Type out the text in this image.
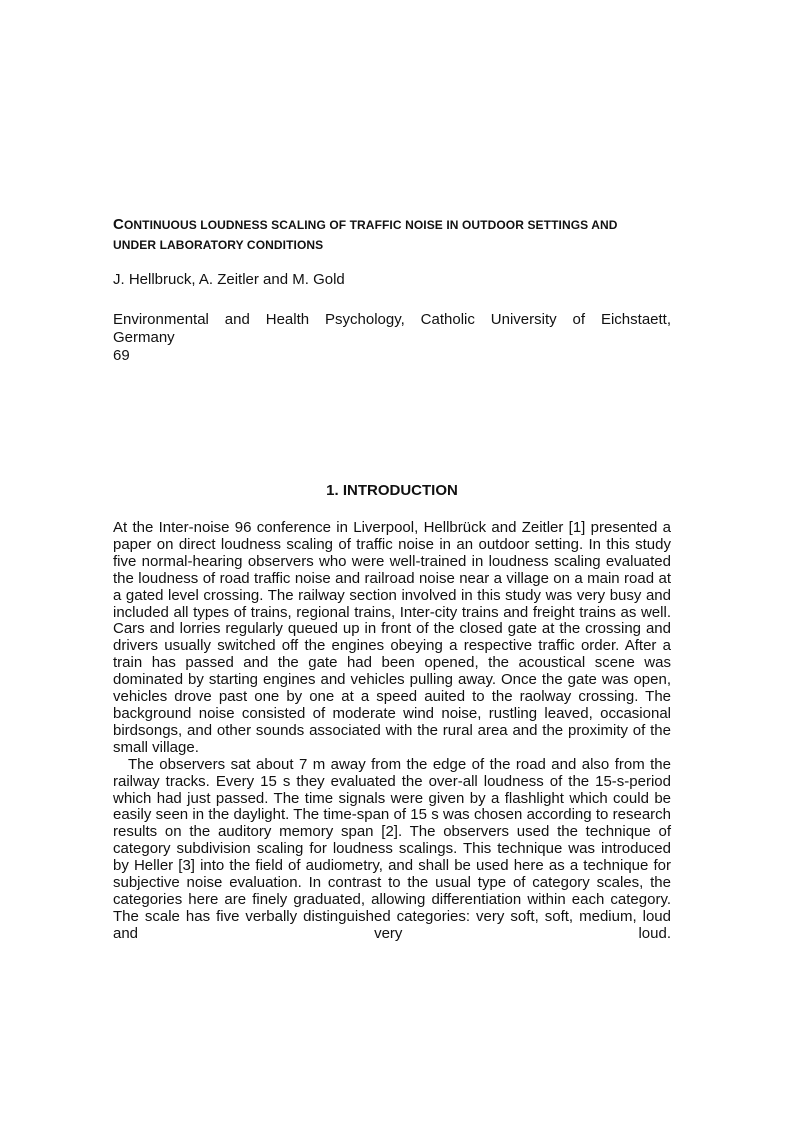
CONTINUOUS LOUDNESS SCALING OF TRAFFIC NOISE IN OUTDOOR SETTINGS AND
UNDER LABORATORY CONDITIONS
J. Hellbruck, A. Zeitler and M. Gold
Environmental and Health Psychology, Catholic University of Eichstaett,
Germany
69
1. INTRODUCTION

At the Inter-noise 96 conference in Liverpool, Hellbrück and Zeitler [1] presented a paper on direct loudness scaling of traffic noise in an outdoor setting. In this study five normal-hearing observers who were well-trained in loudness scaling evaluated the loudness of road traffic noise and railroad noise near a village on a main road at a gated level crossing. The railway section involved in this study was very busy and included all types of trains, regional trains, Inter-city trains and freight trains as well. Cars and lorries regularly queued up in front of the closed gate at the crossing and drivers usually switched off the engines obeying a respective traffic order. After a train has passed and the gate had been opened, the acoustical scene was dominated by starting engines and vehicles pulling away. Once the gate was open, vehicles drove past one by one at a speed auited to the raolway crossing. The background noise consisted of moderate wind noise, rustling leaved, occasional birdsongs, and other sounds associated with the rural area and the proximity of the small village.

The observers sat about 7 m away from the edge of the road and also from the railway tracks. Every 15 s they evaluated the over-all loudness of the 15-s-period which had just passed. The time signals were given by a flashlight which could be easily seen in the daylight. The time-span of 15 s was chosen according to research results on the auditory memory span [2]. The observers used the technique of category subdivision scaling for loudness scalings. This technique was introduced by Heller [3] into the field of audiometry, and shall be used here as a technique for subjective noise evaluation. In contrast to the usual type of category scales, the categories here are finely graduated, allowing differentiation within each category. The scale has five verbally distinguished categories: very soft, soft, medium, loud and very loud.
